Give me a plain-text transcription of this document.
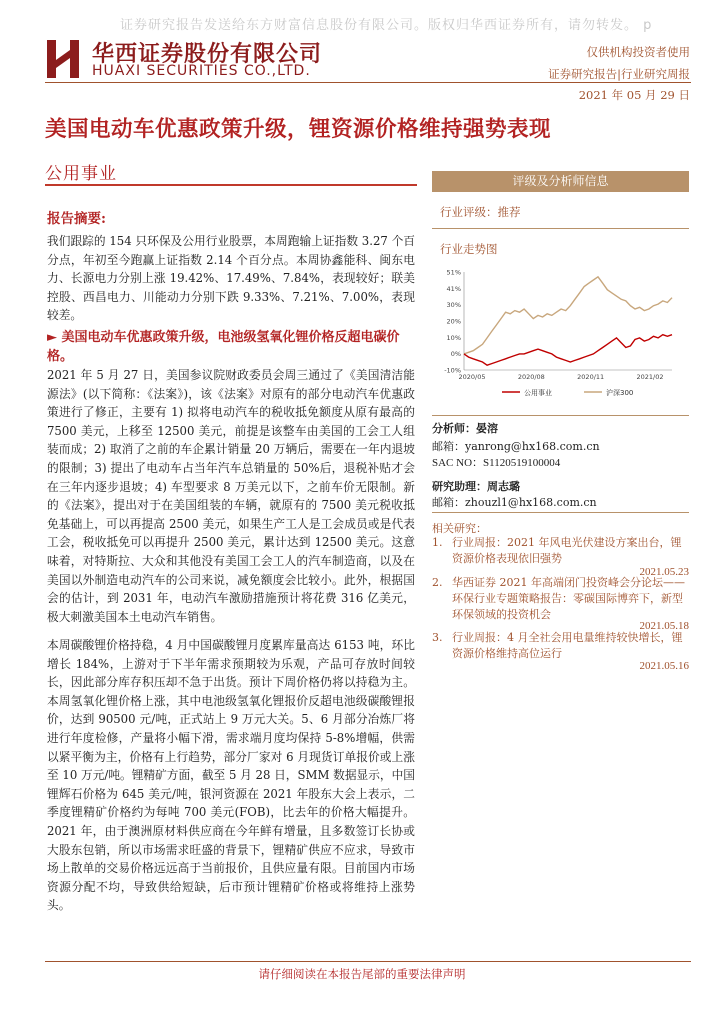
证券研究报告发送给东方财富信息股份有限公司。版权归华西证券所有，请勿转发。 p
华西证券股份有限公司
HUAXI SECURITIES CO.,LTD.
仅供机构投资者使用
证券研究报告|行业研究周报
2021 年 05 月 29 日
美国电动车优惠政策升级，锂资源价格维持强势表现
公用事业
报告摘要:
我们跟踪的 154 只环保及公用行业股票，本周跑输上证指数 3.27 个百分点，年初至今跑赢上证指数 2.14 个百分点。本周协鑫能科、闽东电力、长源电力分别上涨 19.42%、17.49%、7.84%，表现较好；联美控股、西昌电力、川能动力分别下跌 9.33%、7.21%、7.00%，表现较差。
► 美国电动车优惠政策升级，电池级氢氧化锂价格反超电碳价格。
2021 年 5 月 27 日，美国参议院财政委员会周三通过了《美国清洁能源法》(以下简称：《法案》)，该《法案》对原有的部分电动汽车优惠政策进行了修正，主要有 1) 拟将电动汽车的税收抵免额度从原有最高的 7500 美元，上移至 12500 美元，前提是该整车由美国的工会工人组装而成；2) 取消了之前的车企累计销量 20 万辆后，需要在一年内退坡的限制；3) 提出了电动车占当年汽车总销量的 50%后，退税补贴才会在三年内逐步退坡；4) 车型要求 8 万美元以下，之前车价无限制。新的《法案》，提出对于在美国组装的车辆，就原有的 7500 美元税收抵免基础上，可以再提高 2500 美元，如果生产工人是工会成员或是代表工会，税收抵免可以再提升 2500 美元，累计达到 12500 美元。这意味着，对特斯拉、大众和其他没有美国工会工人的汽车制造商，以及在美国以外制造电动汽车的公司来说，减免额度会比较小。此外，根据国会的估计，到 2031 年，电动汽车激励措施预计将花费 316 亿美元，极大刺激美国本土电动汽车销售。
本周碳酸锂价格持稳，4 月中国碳酸锂月度累库量高达 6153 吨，环比增长 184%，上游对于下半年需求预期较为乐观，产品可存放时间较长，因此部分库存积压却不急于出货。预计下周价格仍将以持稳为主。本周氢氧化锂价格上涨，其中电池级氢氧化锂报价反超电池级碳酸锂报价，达到 90500 元/吨，正式站上 9 万元大关。5、6 月部分冶炼厂将进行年度检修，产量将小幅下滑，需求端月度均保持 5-8%增幅，供需以紧平衡为主，价格有上行趋势，部分厂家对 6 月现货订单报价或上涨至 10 万元/吨。锂精矿方面，截至 5 月 28 日，SMM 数据显示，中国锂辉石价格为 645 美元/吨，银河资源在 2021 年股东大会上表示，二季度锂精矿价格约为每吨 700 美元(FOB)，比去年的价格大幅提升。2021 年，由于澳洲原材料供应商在今年鲜有增量，且多数签订长协或大股东包销，所以市场需求旺盛的背景下，锂精矿供应不应求，导致市场上散单的交易价格远远高于当前报价，且供应量有限。目前国内市场资源分配不均，导致供给短缺，后市预计锂精矿价格或将维持上涨势头。
评级及分析师信息
行业评级：推荐
行业走势图
51%
41%
30%
20%
10%
0%
-10%
2020/05	2020/08	2020/11	2021/02
公用事业	沪深300
分析师：晏溶
邮箱：yanrong@hx168.com.cn
SAC NO：S1120519100004
研究助理：周志璐
邮箱：zhouzl1@hx168.com.cn
相关研究：
1. 行业周报：2021 年风电光伏建设方案出台，锂资源价格表现依旧强势
2021.05.23
2. 华西证券 2021 年高端闭门投资峰会分论坛——环保行业专题策略报告：零碳国际博弈下，新型环保领域的投资机会
2021.05.18
3. 行业周报：4 月全社会用电量维持较快增长，锂资源价格维持高位运行
2021.05.16
请仔细阅读在本报告尾部的重要法律声明
